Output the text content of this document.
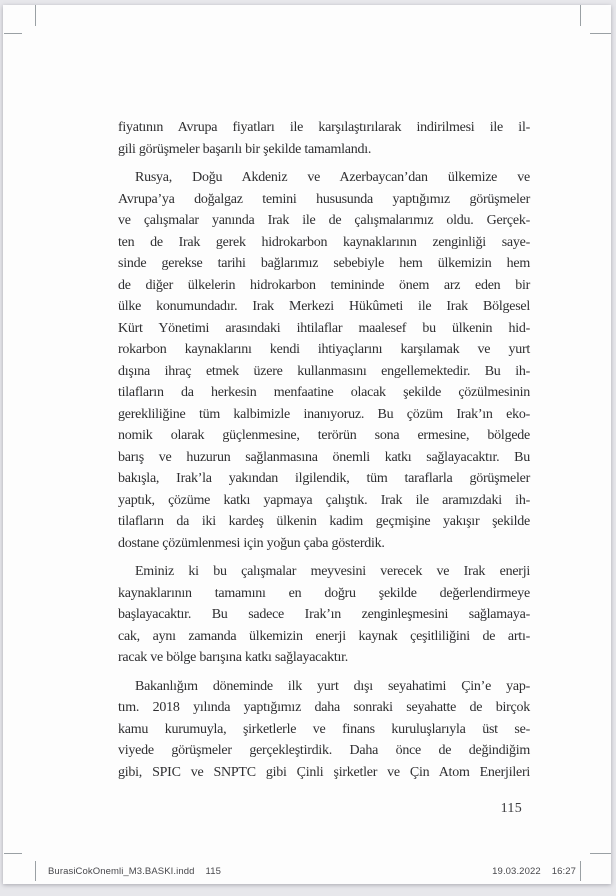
fiyatının Avrupa fiyatları ile karşılaştırılarak indirilmesi ile il-
gili görüşmeler başarılı bir şekilde tamamlandı.
Rusya, Doğu Akdeniz ve Azerbaycan’dan ülkemize ve
Avrupa’ya doğalgaz temini hususunda yaptığımız görüşmeler
ve çalışmalar yanında Irak ile de çalışmalarımız oldu. Gerçek-
ten de Irak gerek hidrokarbon kaynaklarının zenginliği saye-
sinde gerekse tarihi bağlarımız sebebiyle hem ülkemizin hem
de diğer ülkelerin hidrokarbon temininde önem arz eden bir
ülke konumundadır. Irak Merkezi Hükûmeti ile Irak Bölgesel
Kürt Yönetimi arasındaki ihtilaflar maalesef bu ülkenin hid-
rokarbon kaynaklarını kendi ihtiyaçlarını karşılamak ve yurt
dışına ihraç etmek üzere kullanmasını engellemektedir. Bu ih-
tilafların da herkesin menfaatine olacak şekilde çözülmesinin
gerekliliğine tüm kalbimizle inanıyoruz. Bu çözüm Irak’ın eko-
nomik olarak güçlenmesine, terörün sona ermesine, bölgede
barış ve huzurun sağlanmasına önemli katkı sağlayacaktır. Bu
bakışla, Irak’la yakından ilgilendik, tüm taraflarla görüşmeler
yaptık, çözüme katkı yapmaya çalıştık. Irak ile aramızdaki ih-
tilafların da iki kardeş ülkenin kadim geçmişine yakışır şekilde
dostane çözümlenmesi için yoğun çaba gösterdik.
Eminiz ki bu çalışmalar meyvesini verecek ve Irak enerji
kaynaklarının tamamını en doğru şekilde değerlendirmeye
başlayacaktır. Bu sadece Irak’ın zenginleşmesini sağlamaya-
cak, aynı zamanda ülkemizin enerji kaynak çeşitliliğini de artı-
racak ve bölge barışına katkı sağlayacaktır.
Bakanlığım döneminde ilk yurt dışı seyahatimi Çin’e yap-
tım. 2018 yılında yaptığımız daha sonraki seyahatte de birçok
kamu kurumuyla, şirketlerle ve finans kuruluşlarıyla üst se-
viyede görüşmeler gerçekleştirdik. Daha önce de değindiğim
gibi, SPIC ve SNPTC gibi Çinli şirketler ve Çin Atom Enerjileri
115
BurasiCokOnemli_M3.BASKI.indd 115	19.03.2022 16:27
